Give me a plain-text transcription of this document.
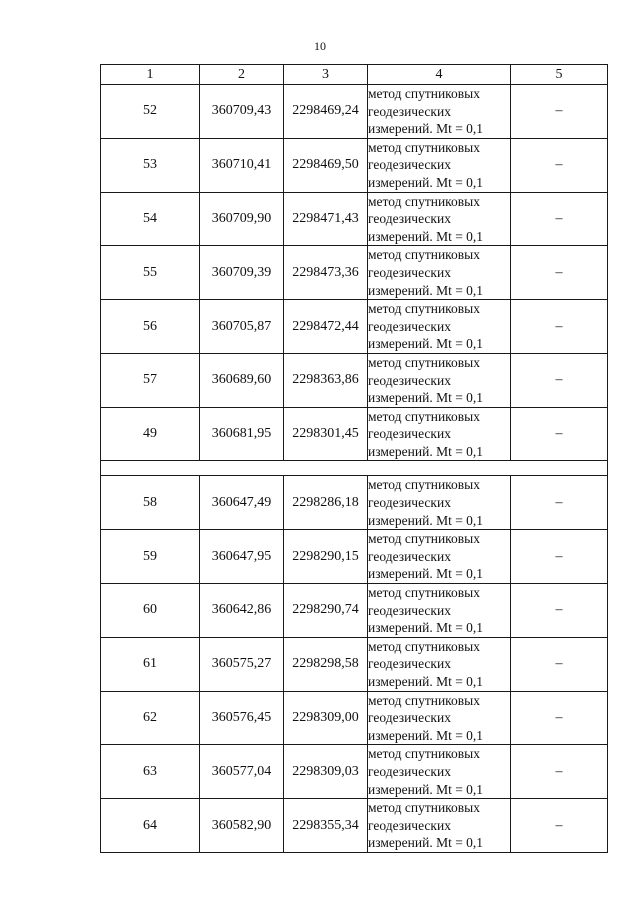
10
1	2	3	4	5
52	360709,43	2298469,24	метод спутниковых
геодезических
измерений. Mt = 0,1	–
53	360710,41	2298469,50	метод спутниковых
геодезических
измерений. Mt = 0,1	–
54	360709,90	2298471,43	метод спутниковых
геодезических
измерений. Mt = 0,1	–
55	360709,39	2298473,36	метод спутниковых
геодезических
измерений. Mt = 0,1	–
56	360705,87	2298472,44	метод спутниковых
геодезических
измерений. Mt = 0,1	–
57	360689,60	2298363,86	метод спутниковых
геодезических
измерений. Mt = 0,1	–
49	360681,95	2298301,45	метод спутниковых
геодезических
измерений. Mt = 0,1	–

58	360647,49	2298286,18	метод спутниковых
геодезических
измерений. Mt = 0,1	–
59	360647,95	2298290,15	метод спутниковых
геодезических
измерений. Mt = 0,1	–
60	360642,86	2298290,74	метод спутниковых
геодезических
измерений. Mt = 0,1	–
61	360575,27	2298298,58	метод спутниковых
геодезических
измерений. Mt = 0,1	–
62	360576,45	2298309,00	метод спутниковых
геодезических
измерений. Mt = 0,1	–
63	360577,04	2298309,03	метод спутниковых
геодезических
измерений. Mt = 0,1	–
64	360582,90	2298355,34	метод спутниковых
геодезических
измерений. Mt = 0,1	–
